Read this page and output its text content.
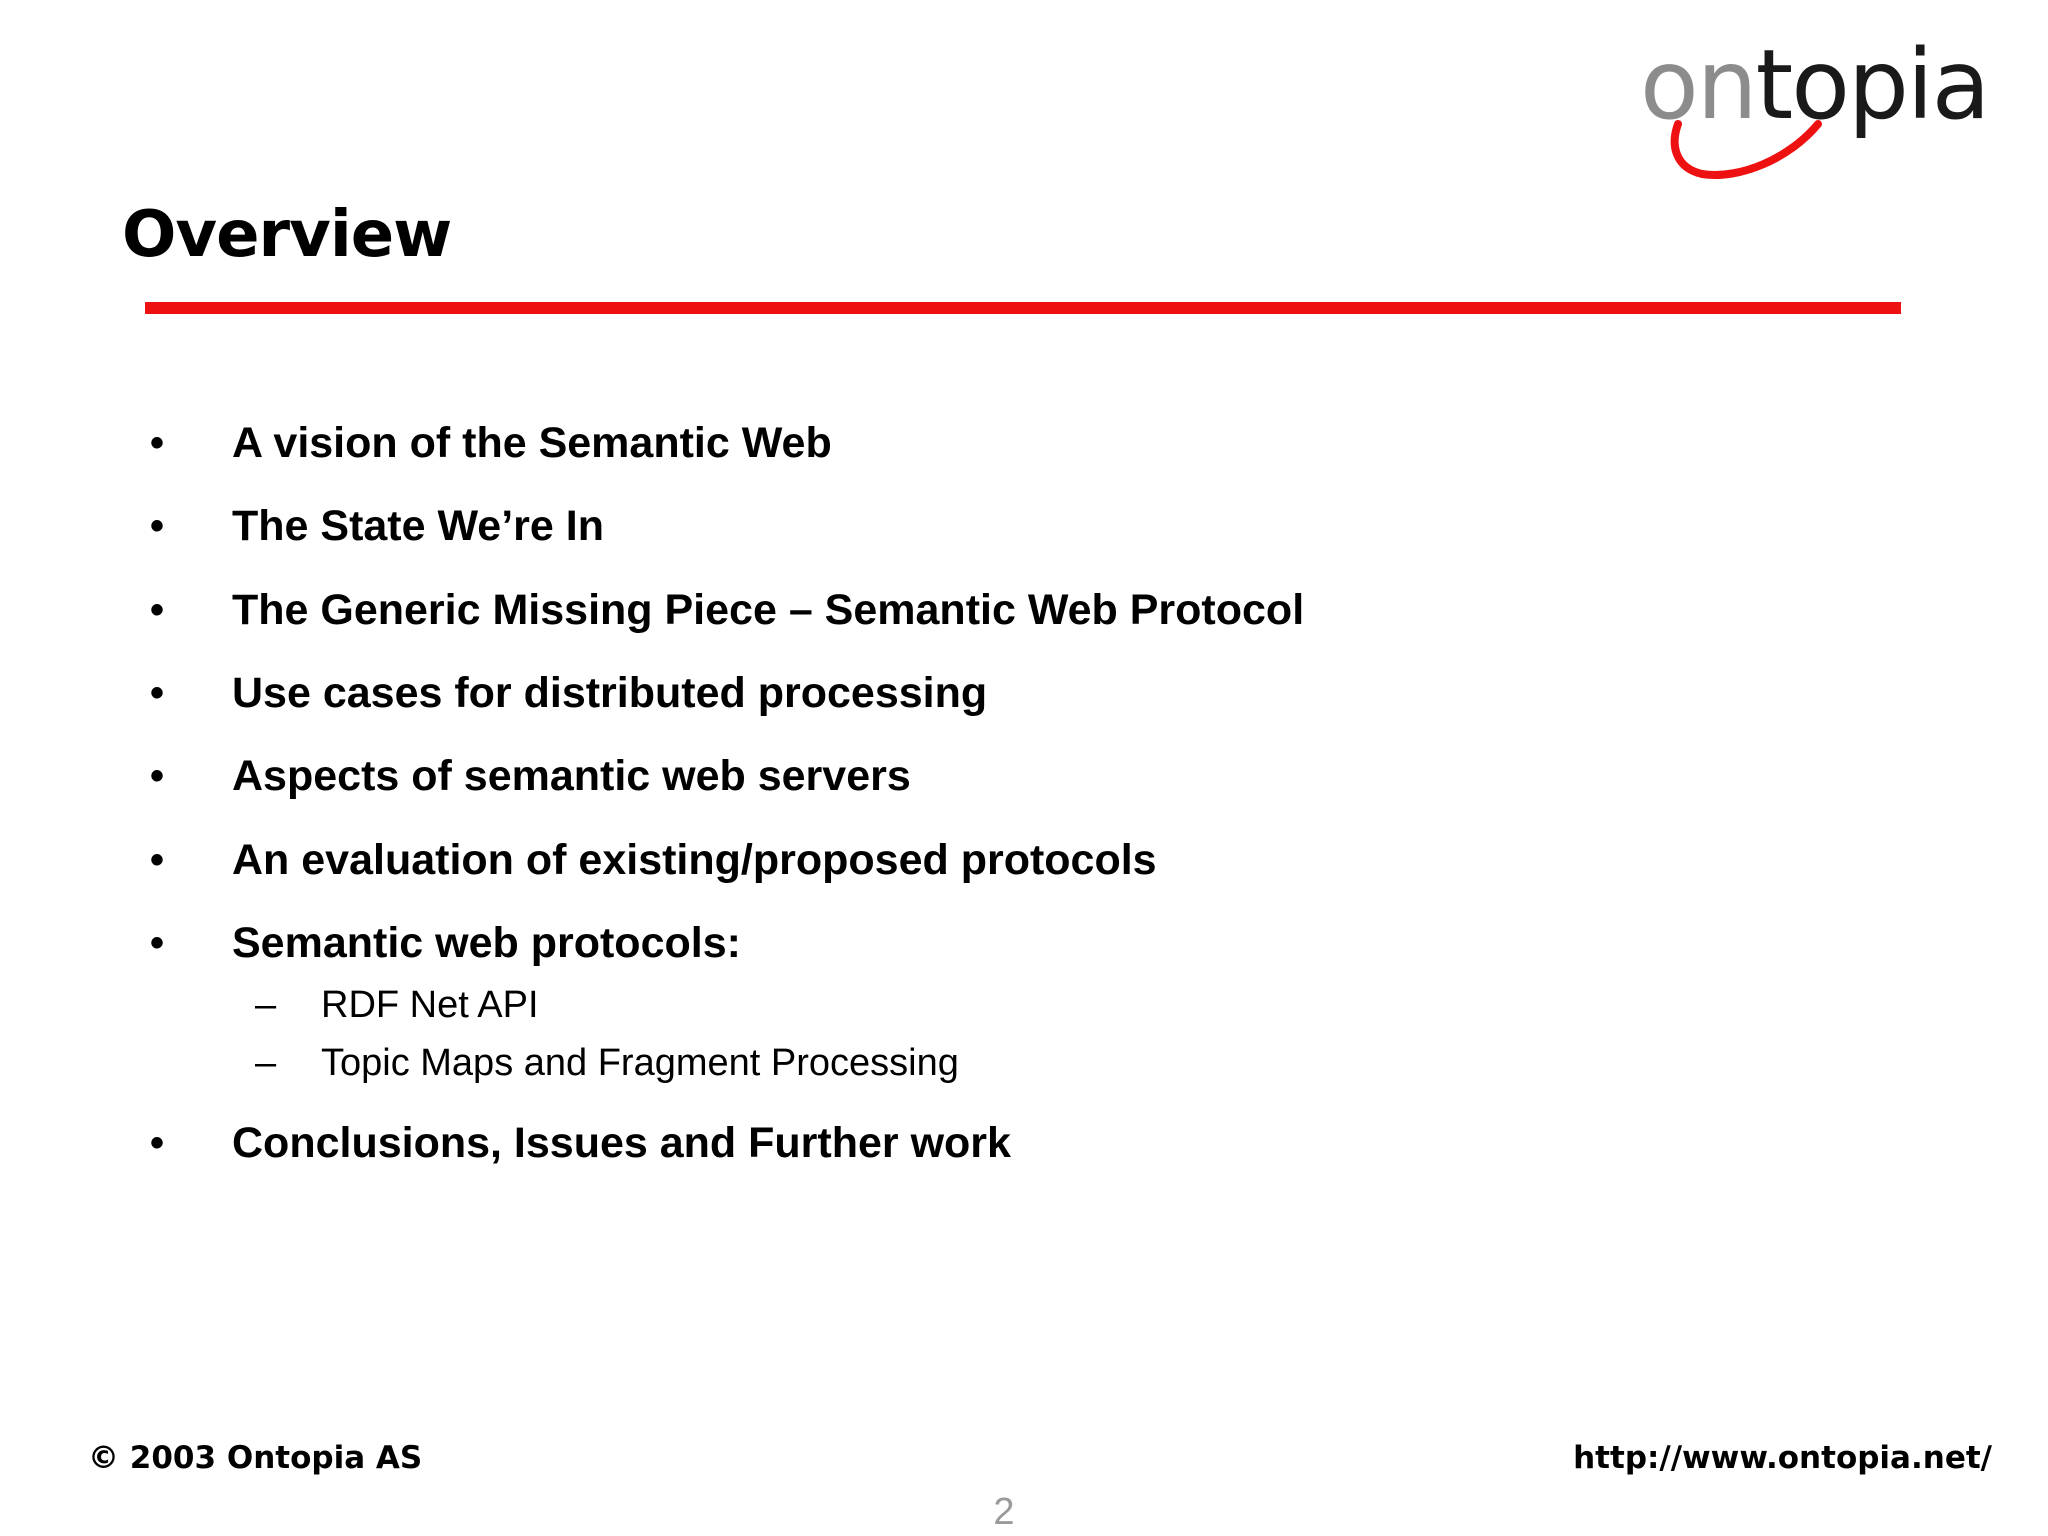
ontopia
Overview
• A vision of the Semantic Web
• The State We’re In
• The Generic Missing Piece – Semantic Web Protocol
• Use cases for distributed processing
• Aspects of semantic web servers
• An evaluation of existing/proposed protocols
• Semantic web protocols:
– RDF Net API
– Topic Maps and Fragment Processing
• Conclusions, Issues and Further work
© 2003 Ontopia AS	http://www.ontopia.net/
2
